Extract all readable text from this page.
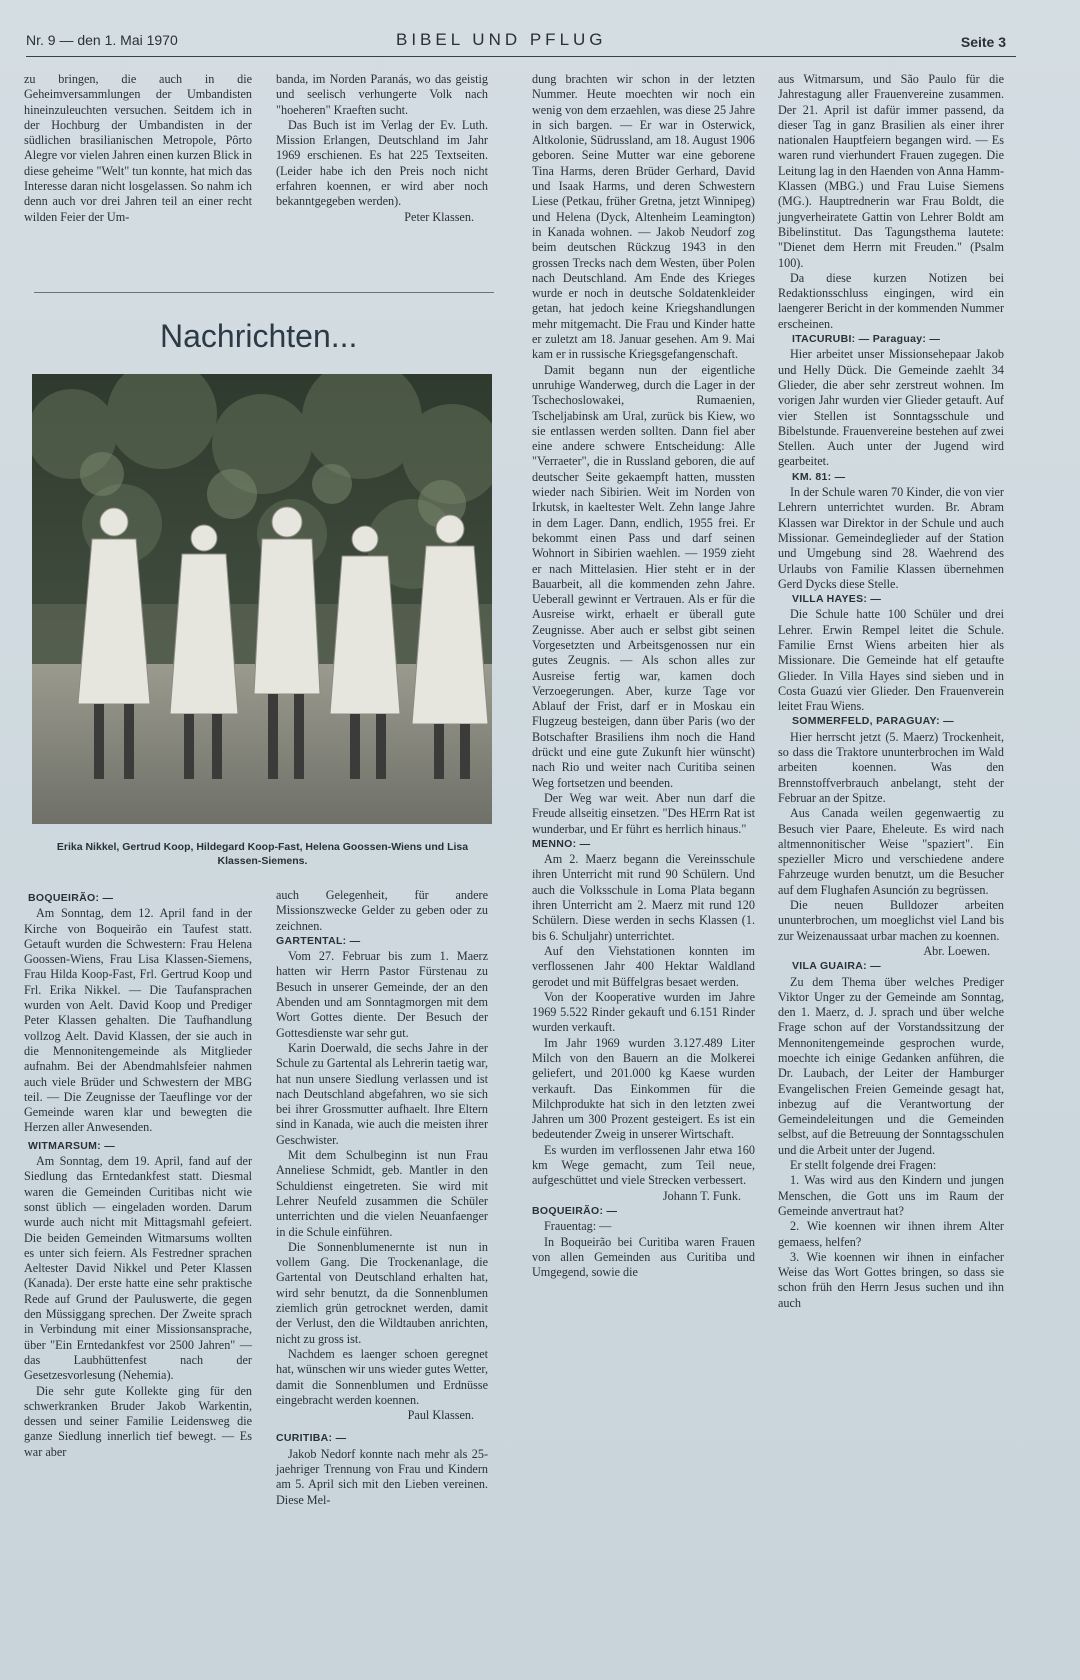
Nr. 9 — den 1. Mai 1970	BIBEL UND PFLUG	Seite 3

zu bringen, die auch in die Geheimversammlungen der Umbandisten hineinzuleuchten versuchen. Seitdem ich in der Hochburg der Umbandisten in der südlichen brasilianischen Metropole, Pôrto Alegre vor vielen Jahren einen kurzen Blick in diese geheime "Welt" tun konnte, hat mich das Interesse daran nicht losgelassen. So nahm ich denn auch vor drei Jahren teil an einer recht wilden Feier der Um-

banda, im Norden Paranás, wo das geistig und seelisch verhungerte Volk nach "hoeheren" Kraeften sucht.

Das Buch ist im Verlag der Ev. Luth. Mission Erlangen, Deutschland im Jahr 1969 erschienen. Es hat 225 Textseiten. (Leider habe ich den Preis noch nicht erfahren koennen, er wird aber noch bekanntgegeben werden).

Peter Klassen.

Nachrichten...
Erika Nikkel, Gertrud Koop, Hildegard Koop-Fast, Helena Goossen-Wiens und Lisa Klassen-Siemens.
BOQUEIRÃO: —

Am Sonntag, dem 12. April fand in der Kirche von Boqueirão ein Taufest statt. Getauft wurden die Schwestern: Frau Helena Goossen-Wiens, Frau Lisa Klassen-Siemens, Frau Hilda Koop-Fast, Frl. Gertrud Koop und Frl. Erika Nikkel. — Die Taufansprachen wurden von Aelt. David Koop und Prediger Peter Klassen gehalten. Die Taufhandlung vollzog Aelt. David Klassen, der sie auch in die Mennonitengemeinde als Mitglieder aufnahm. Bei der Abendmahlsfeier nahmen auch viele Brüder und Schwestern der MBG teil. — Die Zeugnisse der Taeuflinge vor der Gemeinde waren klar und bewegten die Herzen aller Anwesenden.

WITMARSUM: —

Am Sonntag, dem 19. April, fand auf der Siedlung das Erntedankfest statt. Diesmal waren die Gemeinden Curitibas nicht wie sonst üblich — eingeladen worden. Darum wurde auch nicht mit Mittagsmahl gefeiert. Die beiden Gemeinden Witmarsums wollten es unter sich feiern. Als Festredner sprachen Aeltester David Nikkel und Peter Klassen (Kanada). Der erste hatte eine sehr praktische Rede auf Grund der Pauluswerte, die gegen den Müssiggang sprechen. Der Zweite sprach in Verbindung mit einer Missionsansprache, über "Ein Erntedankfest vor 2500 Jahren" — das Laubhüttenfest nach der Gesetzesvorlesung (Nehemia).

Die sehr gute Kollekte ging für den schwerkranken Bruder Jakob Warkentin, dessen und seiner Familie Leidensweg die ganze Siedlung innerlich tief bewegt. — Es war aber

auch Gelegenheit, für andere Missionszwecke Gelder zu geben oder zu zeichnen.

GARTENTAL: —

Vom 27. Februar bis zum 1. Maerz hatten wir Herrn Pastor Fürstenau zu Besuch in unserer Gemeinde, der an den Abenden und am Sonntagmorgen mit dem Wort Gottes diente. Der Besuch der Gottesdienste war sehr gut.

Karin Doerwald, die sechs Jahre in der Schule zu Gartental als Lehrerin taetig war, hat nun unsere Siedlung verlassen und ist nach Deutschland abgefahren, wo sie sich bei ihrer Grossmutter aufhaelt. Ihre Eltern sind in Kanada, wie auch die meisten ihrer Geschwister.

Mit dem Schulbeginn ist nun Frau Anneliese Schmidt, geb. Mantler in den Schuldienst eingetreten. Sie wird mit Lehrer Neufeld zusammen die Schüler unterrichten und die vielen Neuanfaenger in die Schule einführen.

Die Sonnenblumenernte ist nun in vollem Gang. Die Trockenanlage, die Gartental von Deutschland erhalten hat, wird sehr benutzt, da die Sonnenblumen ziemlich grün getrocknet werden, damit der Verlust, den die Wildtauben anrichten, nicht zu gross ist.

Nachdem es laenger schoen geregnet hat, wünschen wir uns wieder gutes Wetter, damit die Sonnenblumen und Erdnüsse eingebracht werden koennen.

Paul Klassen.

CURITIBA: —

Jakob Nedorf konnte nach mehr als 25-jaehriger Trennung von Frau und Kindern am 5. April sich mit den Lieben vereinen. Diese Mel-

dung brachten wir schon in der letzten Nummer. Heute moechten wir noch ein wenig von dem erzaehlen, was diese 25 Jahre in sich bargen. — Er war in Osterwick, Altkolonie, Südrussland, am 18. August 1906 geboren. Seine Mutter war eine geborene Tina Harms, deren Brüder Gerhard, David und Isaak Harms, und deren Schwestern Liese (Petkau, früher Gretna, jetzt Winnipeg) und Helena (Dyck, Altenheim Leamington) in Kanada wohnen. — Jakob Neudorf zog beim deutschen Rückzug 1943 in den grossen Trecks nach dem Westen, über Polen nach Deutschland. Am Ende des Krieges wurde er noch in deutsche Soldatenkleider getan, hat jedoch keine Kriegshandlungen mehr mitgemacht. Die Frau und Kinder hatte er zuletzt am 18. Januar gesehen. Am 9. Mai kam er in russische Kriegsgefangenschaft.

Damit begann nun der eigentliche unruhige Wanderweg, durch die Lager in der Tschechoslowakei, Rumaenien, Tscheljabinsk am Ural, zurück bis Kiew, wo sie entlassen werden sollten. Dann fiel aber eine andere schwere Entscheidung: Alle "Verraeter", die in Russland geboren, die auf deutscher Seite gekaempft hatten, mussten wieder nach Sibirien. Weit im Norden von Irkutsk, in kaeltester Welt. Zehn lange Jahre in dem Lager. Dann, endlich, 1955 frei. Er bekommt einen Pass und darf seinen Wohnort in Sibirien waehlen. — 1959 zieht er nach Mittelasien. Hier steht er in der Bauarbeit, all die kommenden zehn Jahre. Ueberall gewinnt er Vertrauen. Als er für die Ausreise wirkt, erhaelt er überall gute Zeugnisse. Aber auch er selbst gibt seinen Vorgesetzten und Arbeitsgenossen nur ein gutes Zeugnis. — Als schon alles zur Ausreise fertig war, kamen doch Verzoegerungen. Aber, kurze Tage vor Ablauf der Frist, darf er in Moskau ein Flugzeug besteigen, dann über Paris (wo der Botschafter Brasiliens ihm noch die Hand drückt und eine gute Zukunft hier wünscht) nach Rio und weiter nach Curitiba seinen Weg fortsetzen und beenden.

Der Weg war weit. Aber nun darf die Freude allseitig einsetzen. "Des HErrn Rat ist wunderbar, und Er führt es herrlich hinaus."

MENNO: —

Am 2. Maerz begann die Vereinsschule ihren Unterricht mit rund 90 Schülern. Und auch die Volksschule in Loma Plata begann ihren Unterricht am 2. Maerz mit rund 120 Schülern. Diese werden in sechs Klassen (1. bis 6. Schuljahr) unterrichtet.

Auf den Viehstationen konnten im verflossenen Jahr 400 Hektar Waldland gerodet und mit Büffelgras besaet werden.

Von der Kooperative wurden im Jahre 1969 5.522 Rinder gekauft und 6.151 Rinder wurden verkauft.

Im Jahr 1969 wurden 3.127.489 Liter Milch von den Bauern an die Molkerei geliefert, und 201.000 kg Kaese wurden verkauft. Das Einkommen für die Milchprodukte hat sich in den letzten zwei Jahren um 300 Prozent gesteigert. Es ist ein bedeutender Zweig in unserer Wirtschaft.

Es wurden im verflossenen Jahr etwa 160 km Wege gemacht, zum Teil neue, aufgeschüttet und viele Strecken verbessert.

Johann T. Funk.

BOQUEIRÃO: —

Frauentag: —

In Boqueirão bei Curitiba waren Frauen von allen Gemeinden aus Curitiba und Umgegend, sowie die

aus Witmarsum, und São Paulo für die Jahrestagung aller Frauenvereine zusammen. Der 21. April ist dafür immer passend, da dieser Tag in ganz Brasilien als einer ihrer nationalen Hauptfeiern begangen wird. — Es waren rund vierhundert Frauen zugegen. Die Leitung lag in den Haenden von Anna Hamm-Klassen (MBG.) und Frau Luise Siemens (MG.). Hauptrednerin war Frau Boldt, die jungverheiratete Gattin von Lehrer Boldt am Bibelinstitut. Das Tagungsthema lautete: "Dienet dem Herrn mit Freuden." (Psalm 100).

Da diese kurzen Notizen bei Redaktionsschluss eingingen, wird ein laengerer Bericht in der kommenden Nummer erscheinen.

ITACURUBI: — Paraguay: —

Hier arbeitet unser Missionsehepaar Jakob und Helly Dück. Die Gemeinde zaehlt 34 Glieder, die aber sehr zerstreut wohnen. Im vorigen Jahr wurden vier Glieder getauft. Auf vier Stellen ist Sonntagsschule und Bibelstunde. Frauenvereine bestehen auf zwei Stellen. Auch unter der Jugend wird gearbeitet.

KM. 81: —

In der Schule waren 70 Kinder, die von vier Lehrern unterrichtet wurden. Br. Abram Klassen war Direktor in der Schule und auch Missionar. Gemeindeglieder auf der Station und Umgebung sind 28. Waehrend des Urlaubs von Familie Klassen übernehmen Gerd Dycks diese Stelle.

VILLA HAYES: —

Die Schule hatte 100 Schüler und drei Lehrer. Erwin Rempel leitet die Schule. Familie Ernst Wiens arbeiten hier als Missionare. Die Gemeinde hat elf getaufte Glieder. In Villa Hayes sind sieben und in Costa Guazú vier Glieder. Den Frauenverein leitet Frau Wiens.

SOMMERFELD, PARAGUAY: —

Hier herrscht jetzt (5. Maerz) Trockenheit, so dass die Traktore ununterbrochen im Wald arbeiten koennen. Was den Brennstoffverbrauch anbelangt, steht der Februar an der Spitze.

Aus Canada weilen gegenwaertig zu Besuch vier Paare, Eheleute. Es wird nach altmennonitischer Weise "spaziert". Ein spezieller Micro und verschiedene andere Fahrzeuge wurden benutzt, um die Besucher auf dem Flughafen Asunción zu begrüssen.

Die neuen Bulldozer arbeiten ununterbrochen, um moeglichst viel Land bis zur Weizenaussaat urbar machen zu koennen.

Abr. Loewen.

VILA GUAIRA: —

Zu dem Thema über welches Prediger Viktor Unger zu der Gemeinde am Sonntag, den 1. Maerz, d. J. sprach und über welche Frage schon auf der Vorstandssitzung der Mennonitengemeinde gesprochen wurde, moechte ich einige Gedanken anführen, die Dr. Laubach, der Leiter der Hamburger Evangelischen Freien Gemeinde gesagt hat, inbezug auf die Verantwortung der Gemeindeleitungen und die Gemeinden selbst, auf die Betreuung der Sonntagsschulen und die Arbeit unter der Jugend.

Er stellt folgende drei Fragen:

1. Was wird aus den Kindern und jungen Menschen, die Gott uns im Raum der Gemeinde anvertraut hat?

2. Wie koennen wir ihnen ihrem Alter gemaess, helfen?

3. Wie koennen wir ihnen in einfacher Weise das Wort Gottes bringen, so dass sie schon früh den Herrn Jesus suchen und ihn auch
